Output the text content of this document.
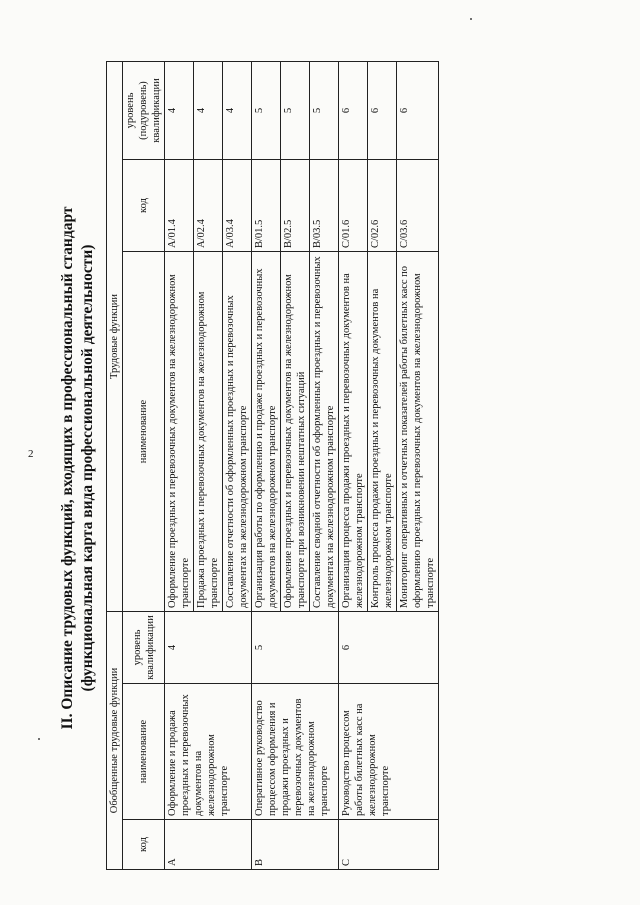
2 II. Описание трудовых функций, входящих в профессиональный стандарт (функциональная карта вида профессиональной деятельности)
Обобщенные трудовые функции			Трудовые функции		
код	наименование	уровень квалификации	наименование	код	уровень (подуровень) квалификации
A	Оформление и продажа проездных и перевозочных документов на железнодорожном транспорте	4	Оформление проездных и перевозочных документов на железнодорожном транспорте	A/01.4	4
			Продажа проездных и перевозочных документов на железнодорожном транспорте	A/02.4	4
			Составление отчетности об оформленных проездных и перевозочных документах на железнодорожном транспорте	A/03.4	4
B	Оперативное руководство процессом оформления и продажи проездных и перевозочных документов на железнодорожном транспорте	5	Организация работы по оформлению и продаже проездных и перевозочных документов на железнодорожном транспорте	B/01.5	5
			Оформление проездных и перевозочных документов на железнодорожном транспорте при возникновении нештатных ситуаций	B/02.5	5
			Составление сводной отчетности об оформленных проездных и перевозочных документах на железнодорожном транспорте	B/03.5	5
C	Руководство процессом работы билетных касс на железнодорожном транспорте	6	Организация процесса продажи проездных и перевозочных документов на железнодорожном транспорте	C/01.6	6
			Контроль процесса продажи проездных и перевозочных документов на железнодорожном транспорте	C/02.6	6
			Мониторинг оперативных и отчетных показателей работы билетных касс по оформлению проездных и перевозочных документов на железнодорожном транспорте	C/03.6	6
